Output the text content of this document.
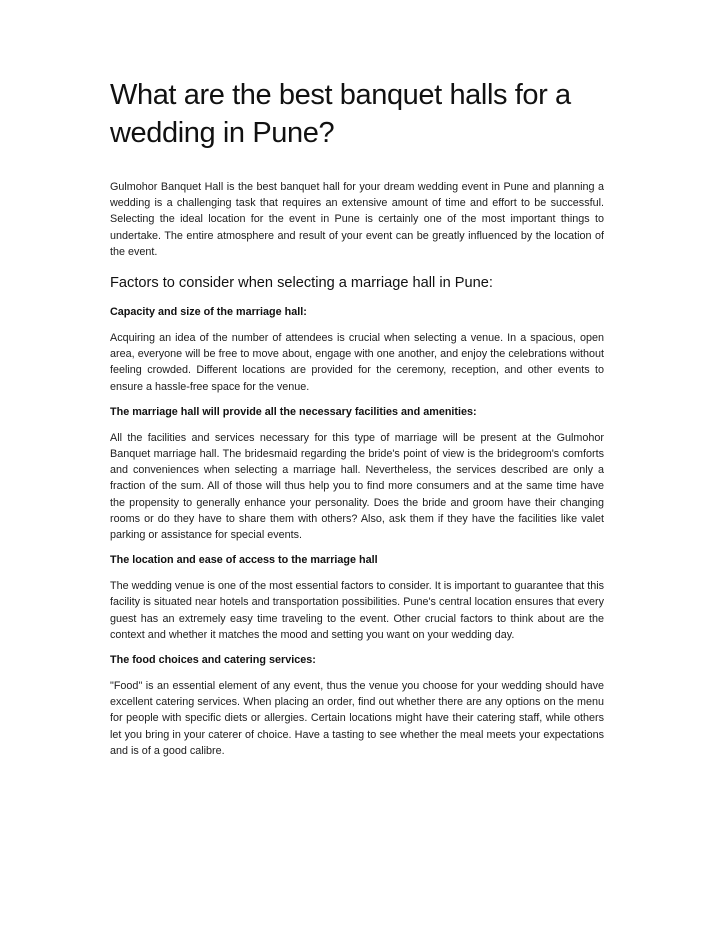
What are the best banquet halls for a wedding in Pune?

Gulmohor Banquet Hall is the best banquet hall for your dream wedding event in Pune and planning a wedding is a challenging task that requires an extensive amount of time and effort to be successful. Selecting the ideal location for the event in Pune is certainly one of the most important things to undertake. The entire atmosphere and result of your event can be greatly influenced by the location of the event.

Factors to consider when selecting a marriage hall in Pune:
Capacity and size of the marriage hall:

Acquiring an idea of the number of attendees is crucial when selecting a venue. In a spacious, open area, everyone will be free to move about, engage with one another, and enjoy the celebrations without feeling crowded. Different locations are provided for the ceremony, reception, and other events to ensure a hassle-free space for the venue.

The marriage hall will provide all the necessary facilities and amenities:

All the facilities and services necessary for this type of marriage will be present at the Gulmohor Banquet marriage hall. The bridesmaid regarding the bride's point of view is the bridegroom's comforts and conveniences when selecting a marriage hall. Nevertheless, the services described are only a fraction of the sum. All of those will thus help you to find more consumers and at the same time have the propensity to generally enhance your personality. Does the bride and groom have their changing rooms or do they have to share them with others? Also, ask them if they have the facilities like valet parking or assistance for special events.

The location and ease of access to the marriage hall

The wedding venue is one of the most essential factors to consider. It is important to guarantee that this facility is situated near hotels and transportation possibilities. Pune's central location ensures that every guest has an extremely easy time traveling to the event. Other crucial factors to think about are the context and whether it matches the mood and setting you want on your wedding day.

The food choices and catering services:

"Food" is an essential element of any event, thus the venue you choose for your wedding should have excellent catering services. When placing an order, find out whether there are any options on the menu for people with specific diets or allergies. Certain locations might have their catering staff, while others let you bring in your caterer of choice. Have a tasting to see whether the meal meets your expectations and is of a good calibre.
